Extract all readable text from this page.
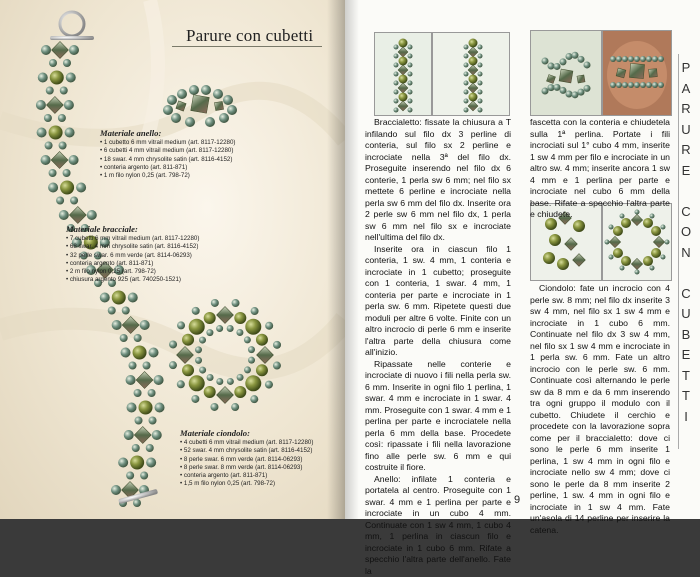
Parure con cubetti
Materiale anello:
• 1 cubetto 6 mm vitrail medium (art. 8117-12280)
• 6 cubetti 4 mm vitrail medium (art. 8117-12280)
• 18 swar. 4 mm chrysolite satin (art. 8116-4152)
• conteria argento (art. 811-871)
• 1 m filo nylon 0,25 (art. 798-72)
Materiale bracciale:
• 7 cubetti 6 mm vitrail medium (art. 8117-12280)
• 68 swar. 4 mm chrysolite satin (art. 8116-4152)
• 32 perle swar. 6 mm verde (art. 8114-06293)
• conteria argento (art. 811-871)
• 2 m filo nylon 0,25 (art. 798-72)
• chiusura argento 925 (art. 740250-1521)
Materiale ciondolo:
• 4 cubetti 6 mm vitrail medium (art. 8117-12280)
• 52 swar. 4 mm chrysolite satin (art. 8116-4152)
• 8 perle swar. 6 mm verde (art. 8114-06293)
• 8 perle swar. 8 mm verde (art. 8114-06293)
• conteria argento (art. 811-871)
• 1,5 m filo nylon 0,25 (art. 798-72)

Braccialetto: fissate la chiusura a T infilando sul filo dx 3 perline di conteria, sul filo sx 2 perline e incrociate nella 3ª del filo dx. Proseguite inserendo nel filo dx 6 conterie, 1 perla sw 6 mm; nel filo sx mettete 6 perline e incrociate nella perla sw 6 mm del filo dx. Inserite ora 2 perle sw 6 mm nel filo dx, 1 perla sw 6 mm nel filo sx e incrociate nell'ultima del filo dx.

Inserite ora in ciascun filo 1 conteria, 1 sw. 4 mm, 1 conteria e incrociate in 1 cubetto; proseguite con 1 conteria, 1 swar. 4 mm, 1 conteria per parte e incrociate in 1 perla sw. 6 mm. Ripetete questi due moduli per altre 6 volte. Finite con un altro incrocio di perle 6 mm e inserite l'altra parte della chiusura come all'inizio.

Ripassate nelle conterie e incrociate di nuovo i fili nella perla sw. 6 mm. Inserite in ogni filo 1 perlina, 1 swar. 4 mm e incrociate in 1 swar. 4 mm. Proseguite con 1 swar. 4 mm e 1 perlina per parte e incrociatele nella perla 6 mm della base. Procedete così: ripassate i fili nella lavorazione fino alle perle sw. 6 mm e qui costruite il fiore.

Anello: infilate 1 conteria e portatela al centro. Proseguite con 1 swar. 4 mm e 1 perlina per parte e incrociate in un cubo 4 mm. Continuate con 1 sw 4 mm, 1 cubo 4 mm, 1 perlina in ciascun filo e incrociate in 1 cubo 6 mm. Rifate a specchio l'altra parte dell'anello. Fate la

fascetta con la conteria e chiudetela sulla 1ª perlina. Portate i fili incrociati sul 1° cubo 4 mm, inserite 1 sw 4 mm per filo e incrociate in un altro sw. 4 mm; inserite ancora 1 sw 4 mm e 1 perlina per parte e incrociate nel cubo 6 mm della base. Rifate a specchio l'altra parte e chiudete.

Ciondolo: fate un incrocio con 4 perle sw. 8 mm; nel filo dx inserite 3 sw 4 mm, nel filo sx 1 sw 4 mm e incrociate in 1 cubo 6 mm. Continuate nel filo dx 3 sw 4 mm, nel filo sx 1 sw 4 mm e incrociate in 1 perla sw. 6 mm. Fate un altro incrocio con le perle sw. 6 mm. Continuate così alternando le perle sw da 8 mm e da 6 mm inserendo tra ogni gruppo il modulo con il cubetto. Chiudete il cerchio e procedete con la lavorazione sopra come per il braccialetto: dove ci sono le perle 6 mm inserite 1 perlina, 1 sw 4 mm in ogni filo e incrociate nello sw 4 mm; dove ci sono le perle da 8 mm inserite 2 perline, 1 sw. 4 mm in ogni filo e incrociate in 1 sw 4 mm. Fate un'asola di 14 perline per inserire la catena.

9
P
A
R
U
R
E

C
O
N

C
U
B
E
T
T
I
